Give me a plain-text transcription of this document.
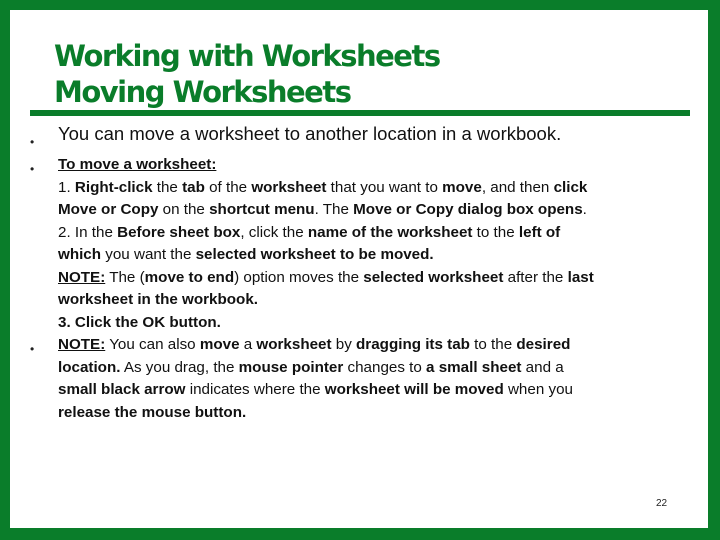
Working with Worksheets
Moving Worksheets
• You can move a worksheet to another location in a workbook.
• To move a worksheet:
1. Right-click the tab of the worksheet that you want to move, and then click
Move or Copy on the shortcut menu. The Move or Copy dialog box opens.
2. In the Before sheet box, click the name of the worksheet to the left of
which you want the selected worksheet to be moved.
NOTE: The (move to end) option moves the selected worksheet after the last
worksheet in the workbook.
3. Click the OK button.
• NOTE: You can also move a worksheet by dragging its tab to the desired
location. As you drag, the mouse pointer changes to a small sheet and a
small black arrow indicates where the worksheet will be moved when you
release the mouse button.
22
